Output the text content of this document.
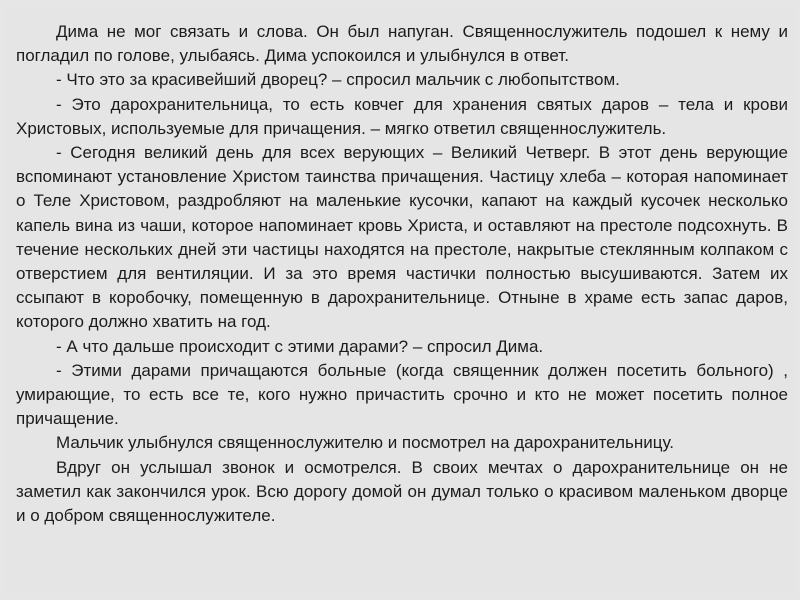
Дима не мог связать и слова. Он был напуган. Священнослужитель подошел к нему и погладил по голове, улыбаясь. Дима успокоился и улыбнулся в ответ.

- Что это за красивейший дворец? – спросил мальчик с любопытством.

- Это дарохранительница, то есть ковчег для хранения святых даров – тела и крови Христовых, используемые для причащения. – мягко ответил священнослужитель.

- Сегодня великий день для всех верующих – Великий Четверг. В этот день верующие вспоминают установление Христом таинства причащения. Частицу хлеба – которая напоминает о Теле Христовом, раздробляют на маленькие кусочки, капают на каждый кусочек несколько капель вина из чаши, которое напоминает кровь Христа, и оставляют на престоле подсохнуть. В течение нескольких дней эти частицы находятся на престоле, накрытые стеклянным колпаком с отверстием для вентиляции. И за это время частички полностью высушиваются. Затем их ссыпают в коробочку, помещенную в дарохранительнице. Отныне в храме есть запас даров, которого должно хватить на год.

- А что дальше происходит с этими дарами? – спросил Дима.

- Этими дарами причащаются больные (когда священник должен посетить больного) , умирающие, то есть все те, кого нужно причастить срочно и кто не может посетить полное причащение.

Мальчик улыбнулся священнослужителю и посмотрел на дарохранительницу.

Вдруг он услышал звонок и осмотрелся. В своих мечтах о дарохранительнице он не заметил как закончился урок. Всю дорогу домой он думал только о красивом маленьком дворце и о добром священнослужителе.
